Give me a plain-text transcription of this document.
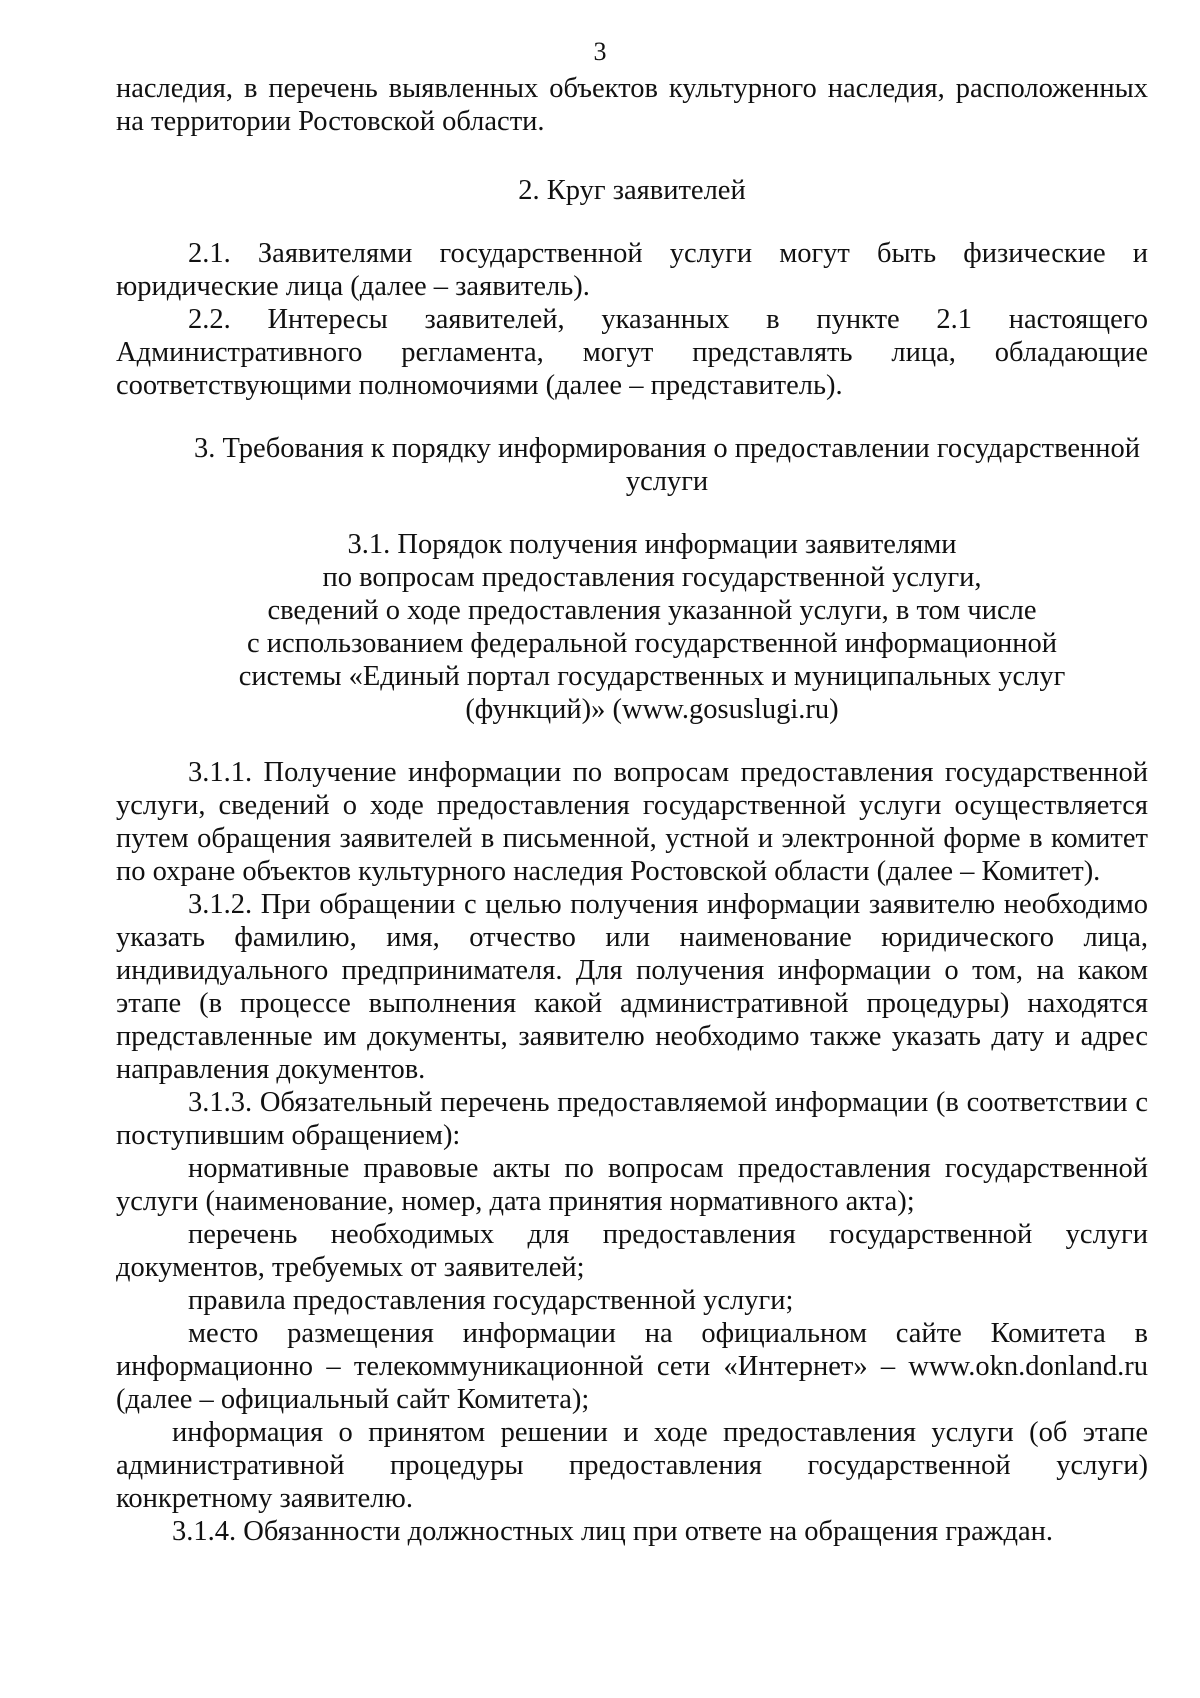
3

наследия, в перечень выявленных объектов культурного наследия, расположенных на территории Ростовской области.

2. Круг заявителей

2.1. Заявителями государственной услуги могут быть физические и юридические лица (далее – заявитель).

2.2. Интересы заявителей, указанных в пункте 2.1 настоящего Административного регламента, могут представлять лица, обладающие соответствующими полномочиями (далее – представитель).

3. Требования к порядку информирования о предоставлении государственной услуги

3.1. Порядок получения информации заявителями
по вопросам предоставления государственной услуги,
сведений о ходе предоставления указанной услуги, в том числе
с использованием федеральной государственной информационной
системы «Единый портал государственных и муниципальных услуг
(функций)» (www.gosuslugi.ru)

3.1.1. Получение информации по вопросам предоставления государственной услуги, сведений о ходе предоставления государственной услуги осуществляется путем обращения заявителей в письменной, устной и электронной форме в комитет по охране объектов культурного наследия Ростовской области (далее – Комитет).

3.1.2. При обращении с целью получения информации заявителю необходимо указать фамилию, имя, отчество или наименование юридического лица, индивидуального предпринимателя. Для получения информации о том, на каком этапе (в процессе выполнения какой административной процедуры) находятся представленные им документы, заявителю необходимо также указать дату и адрес направления документов.

3.1.3. Обязательный перечень предоставляемой информации (в соответствии с поступившим обращением):

нормативные правовые акты по вопросам предоставления государственной услуги (наименование, номер, дата принятия нормативного акта);

перечень необходимых для предоставления государственной услуги документов, требуемых от заявителей;

правила предоставления государственной услуги;

место размещения информации на официальном сайте Комитета в информационно – телекоммуникационной сети «Интернет» – www.okn.donland.ru (далее – официальный сайт Комитета);

информация о принятом решении и ходе предоставления услуги (об этапе административной процедуры предоставления государственной услуги) конкретному заявителю.

3.1.4. Обязанности должностных лиц при ответе на обращения граждан.
